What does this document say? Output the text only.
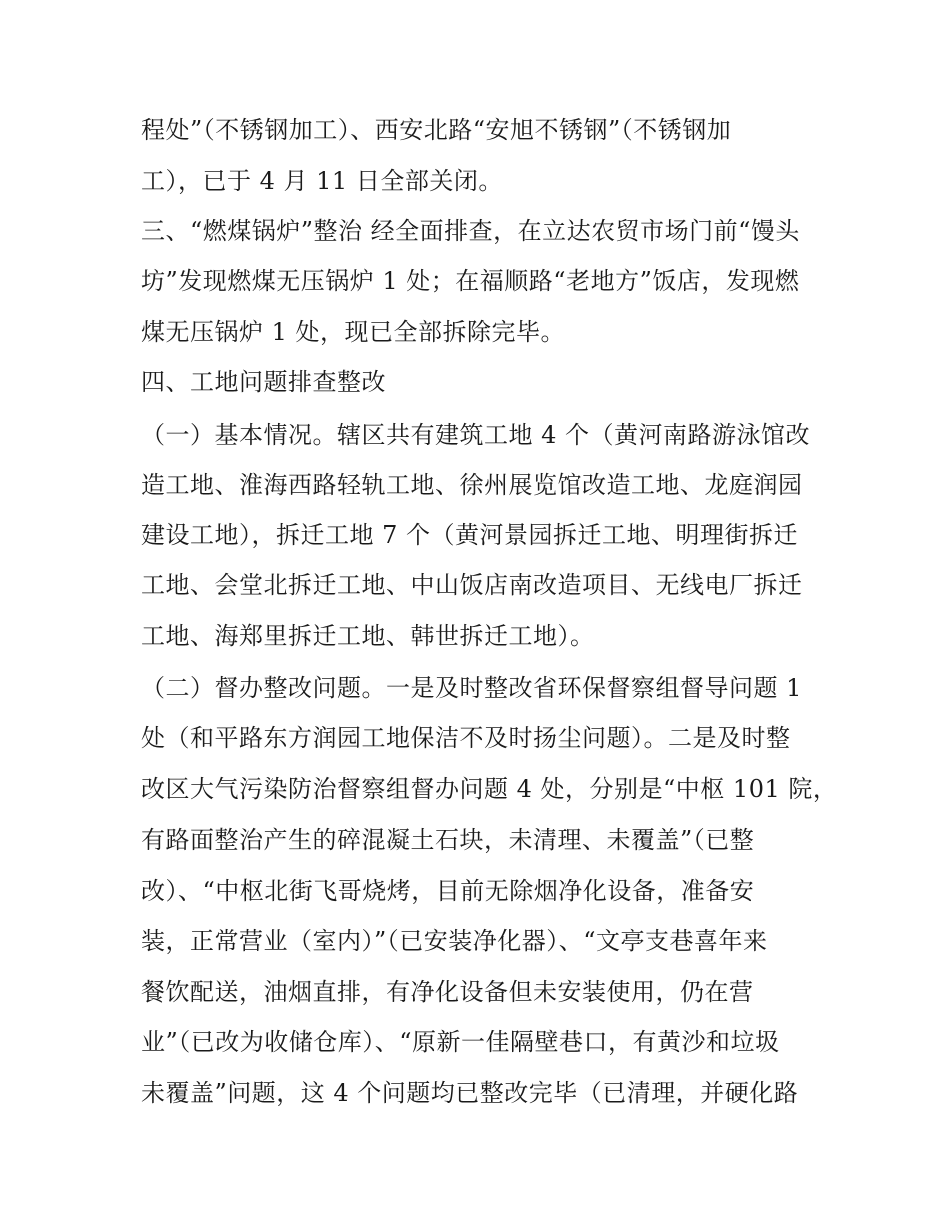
程处”（不锈钢加工）、西安北路“安旭不锈钢”（不锈钢加
工），已于 4 月 11 日全部关闭。
三、“燃煤锅炉”整治 经全面排查，在立达农贸市场门前“馒头
坊”发现燃煤无压锅炉 1 处；在福顺路“老地方”饭店，发现燃
煤无压锅炉 1 处，现已全部拆除完毕。
四、工地问题排查整改
（一）基本情况。辖区共有建筑工地 4 个（黄河南路游泳馆改
造工地、淮海西路轻轨工地、徐州展览馆改造工地、龙庭润园
建设工地），拆迁工地 7 个（黄河景园拆迁工地、明理街拆迁
工地、会堂北拆迁工地、中山饭店南改造项目、无线电厂拆迁
工地、海郑里拆迁工地、韩世拆迁工地）。
（二）督办整改问题。一是及时整改省环保督察组督导问题 1
处（和平路东方润园工地保洁不及时扬尘问题）。二是及时整
改区大气污染防治督察组督办问题 4 处，分别是“中枢 101 院，
有路面整治产生的碎混凝土石块，未清理、未覆盖”（已整
改）、“中枢北街飞哥烧烤，目前无除烟净化设备，准备安
装，正常营业（室内）”（已安装净化器）、“文亭支巷喜年来
餐饮配送，油烟直排，有净化设备但未安装使用，仍在营
业”（已改为收储仓库）、“原新一佳隔壁巷口，有黄沙和垃圾
未覆盖”问题，这 4 个问题均已整改完毕（已清理，并硬化路
